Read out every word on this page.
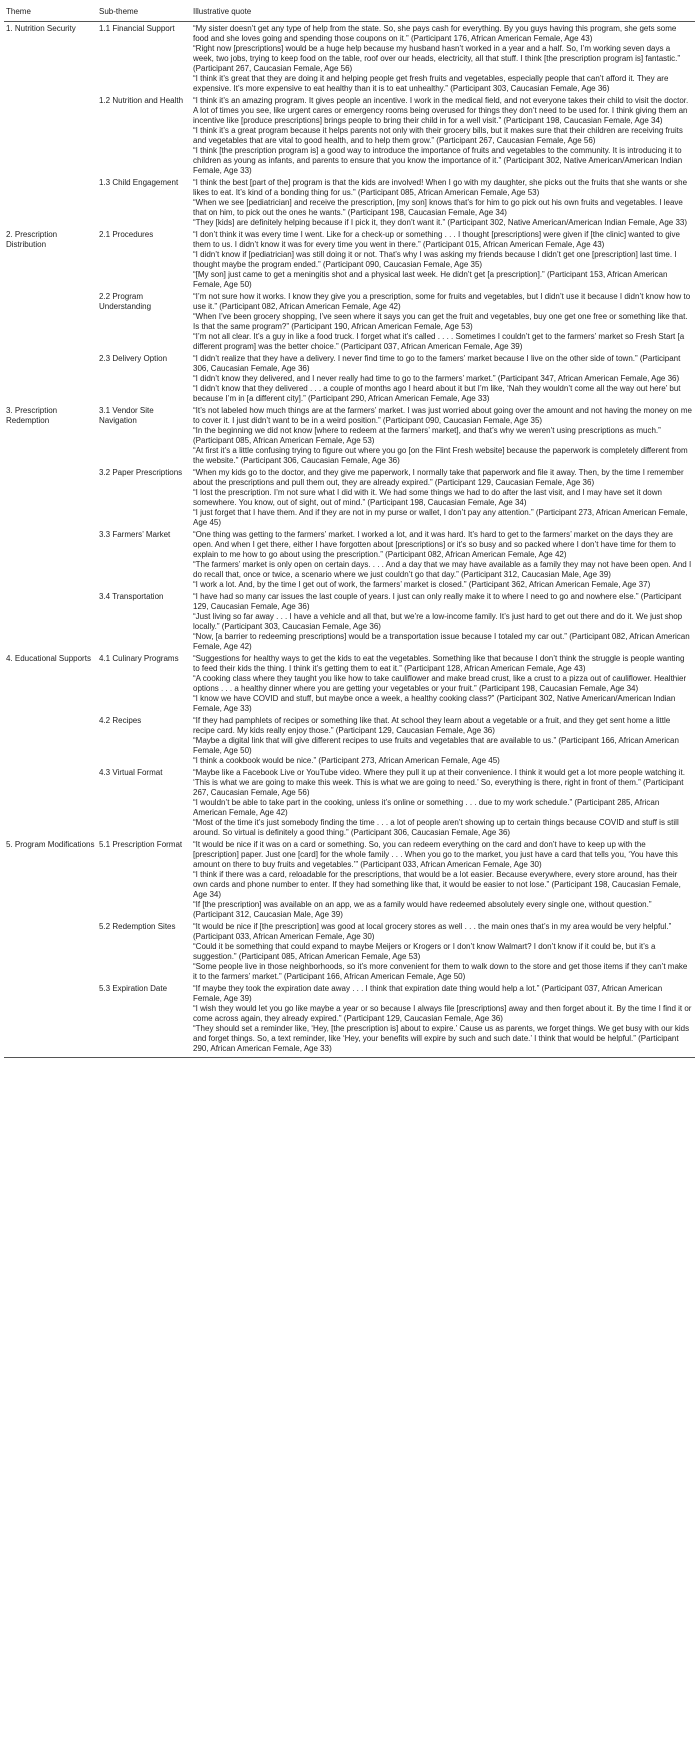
Theme	Sub-theme	Illustrative quote
1. Nutrition Security	1.1 Financial Support	“My sister doesn’t get any type of help from the state. So, she pays cash for everything. By you guys having this program, she gets some food and she loves going and spending those coupons on it.” (Participant 176, African American Female, Age 43)
“Right now [prescriptions] would be a huge help because my husband hasn’t worked in a year and a half. So, I’m working seven days a week, two jobs, trying to keep food on the table, roof over our heads, electricity, all that stuff. I think [the prescription program is] fantastic.” (Participant 267, Caucasian Female, Age 56)
“I think it’s great that they are doing it and helping people get fresh fruits and vegetables, especially people that can’t afford it. They are expensive. It’s more expensive to eat healthy than it is to eat unhealthy.” (Participant 303, Caucasian Female, Age 36)

	1.2 Nutrition and Health	“I think it’s an amazing program. It gives people an incentive. I work in the medical field, and not everyone takes their child to visit the doctor. A lot of times you see, like urgent cares or emergency rooms being overused for things they don’t need to be used for. I think giving them an incentive like [produce prescriptions] brings people to bring their child in for a well visit.” (Participant 198, Caucasian Female, Age 34)
“I think it’s a great program because it helps parents not only with their grocery bills, but it makes sure that their children are receiving fruits and vegetables that are vital to good health, and to help them grow.” (Participant 267, Caucasian Female, Age 56)
“I think [the prescription program is] a good way to introduce the importance of fruits and vegetables to the community. It is introducing it to children as young as infants, and parents to ensure that you know the importance of it.” (Participant 302, Native American/American Indian Female, Age 33)

	1.3 Child Engagement	“I think the best [part of the] program is that the kids are involved! When I go with my daughter, she picks out the fruits that she wants or she likes to eat. It’s kind of a bonding thing for us.” (Participant 085, African American Female, Age 53)
“When we see [pediatrician] and receive the prescription, [my son] knows that’s for him to go pick out his own fruits and vegetables. I leave that on him, to pick out the ones he wants.” (Participant 198, Caucasian Female, Age 34)
“They [kids] are definitely helping because if I pick it, they don’t want it.” (Participant 302, Native American/American Indian Female, Age 33)

2. Prescription Distribution	2.1 Procedures	“I don’t think it was every time I went. Like for a check-up or something . . . I thought [prescriptions] were given if [the clinic] wanted to give them to us. I didn’t know it was for every time you went in there.” (Participant 015, African American Female, Age 43)
“I didn’t know if [pediatrician] was still doing it or not. That’s why I was asking my friends because I didn’t get one [prescription] last time. I thought maybe the program ended.” (Participant 090, Caucasian Female, Age 35)
“[My son] just came to get a meningitis shot and a physical last week. He didn’t get [a prescription].” (Participant 153, African American Female, Age 50)

	2.2 Program Understanding	“I’m not sure how it works. I know they give you a prescription, some for fruits and vegetables, but I didn’t use it because I didn’t know how to use it.” (Participant 082, African American Female, Age 42)
“When I’ve been grocery shopping, I’ve seen where it says you can get the fruit and vegetables, buy one get one free or something like that. Is that the same program?” (Participant 190, African American Female, Age 53)
“I’m not all clear. It’s a guy in like a food truck. I forget what it’s called . . . . Sometimes I couldn’t get to the farmers’ market so Fresh Start [a different program] was the better choice.” (Participant 037, African American Female, Age 39)

	2.3 Delivery Option	“I didn’t realize that they have a delivery. I never find time to go to the famers’ market because I live on the other side of town.” (Participant 306, Caucasian Female, Age 36)
“I didn’t know they delivered, and I never really had time to go to the farmers’ market.” (Participant 347, African American Female, Age 36)
“I didn’t know that they delivered . . . a couple of months ago I heard about it but I’m like, ‘Nah they wouldn’t come all the way out here’ but because I’m in [a different city].” (Participant 290, African American Female, Age 33)

3. Prescription Redemption	3.1 Vendor Site Navigation	“It’s not labeled how much things are at the farmers’ market. I was just worried about going over the amount and not having the money on me to cover it. I just didn’t want to be in a weird position.” (Participant 090, Caucasian Female, Age 35)
“In the beginning we did not know [where to redeem at the farmers’ market], and that’s why we weren’t using prescriptions as much.” (Participant 085, African American Female, Age 53)
“At first it’s a little confusing trying to figure out where you go [on the Flint Fresh website] because the paperwork is completely different from the website.” (Participant 306, Caucasian Female, Age 36)

	3.2 Paper Prescriptions	“When my kids go to the doctor, and they give me paperwork, I normally take that paperwork and file it away. Then, by the time I remember about the prescriptions and pull them out, they are already expired.” (Participant 129, Caucasian Female, Age 36)
“I lost the prescription. I’m not sure what I did with it. We had some things we had to do after the last visit, and I may have set it down somewhere. You know, out of sight, out of mind.” (Participant 198, Caucasian Female, Age 34)
“I just forget that I have them. And if they are not in my purse or wallet, I don’t pay any attention.” (Participant 273, African American Female, Age 45)

	3.3 Farmers’ Market	“One thing was getting to the farmers’ market. I worked a lot, and it was hard. It’s hard to get to the farmers’ market on the days they are open. And when I get there, either I have forgotten about [prescriptions] or it’s so busy and so packed where I don’t have time for them to explain to me how to go about using the prescription.” (Participant 082, African American Female, Age 42)
“The farmers’ market is only open on certain days. . . . And a day that we may have available as a family they may not have been open. And I do recall that, once or twice, a scenario where we just couldn’t go that day.” (Participant 312, Caucasian Male, Age 39)
“I work a lot. And, by the time I get out of work, the farmers’ market is closed.” (Participant 362, African American Female, Age 37)

	3.4 Transportation	“I have had so many car issues the last couple of years. I just can only really make it to where I need to go and nowhere else.” (Participant 129, Caucasian Female, Age 36)
“Just living so far away . . . I have a vehicle and all that, but we’re a low-income family. It’s just hard to get out there and do it. We just shop locally.” (Participant 303, Caucasian Female, Age 36)
“Now, [a barrier to redeeming prescriptions] would be a transportation issue because I totaled my car out.” (Participant 082, African American Female, Age 42)

4. Educational Supports	4.1 Culinary Programs	“Suggestions for healthy ways to get the kids to eat the vegetables. Something like that because I don’t think the struggle is people wanting to feed their kids the thing. I think it’s getting them to eat it.” (Participant 128, African American Female, Age 43)
“A cooking class where they taught you like how to take cauliflower and make bread crust, like a crust to a pizza out of cauliflower. Healthier options . . . a healthy dinner where you are getting your vegetables or your fruit.” (Participant 198, Caucasian Female, Age 34)
“I know we have COVID and stuff, but maybe once a week, a healthy cooking class?” (Participant 302, Native American/American Indian Female, Age 33)

	4.2 Recipes	“If they had pamphlets of recipes or something like that. At school they learn about a vegetable or a fruit, and they get sent home a little recipe card. My kids really enjoy those.” (Participant 129, Caucasian Female, Age 36)
“Maybe a digital link that will give different recipes to use fruits and vegetables that are available to us.” (Participant 166, African American Female, Age 50)
“I think a cookbook would be nice.” (Participant 273, African American Female, Age 45)

	4.3 Virtual Format	“Maybe like a Facebook Live or YouTube video. Where they pull it up at their convenience. I think it would get a lot more people watching it. ‘This is what we are going to make this week. This is what we are going to need.’ So, everything is there, right in front of them.” (Participant 267, Caucasian Female, Age 56)
“I wouldn’t be able to take part in the cooking, unless it’s online or something . . . due to my work schedule.” (Participant 285, African American Female, Age 42)
“Most of the time it’s just somebody finding the time . . . a lot of people aren’t showing up to certain things because COVID and stuff is still around. So virtual is definitely a good thing.” (Participant 306, Caucasian Female, Age 36)

5. Program Modifications	5.1 Prescription Format	“It would be nice if it was on a card or something. So, you can redeem everything on the card and don’t have to keep up with the [prescription] paper. Just one [card] for the whole family . . . When you go to the market, you just have a card that tells you, ‘You have this amount on there to buy fruits and vegetables.’” (Participant 033, African American Female, Age 30)
“I think if there was a card, reloadable for the prescriptions, that would be a lot easier. Because everywhere, every store around, has their own cards and phone number to enter. If they had something like that, it would be easier to not lose.” (Participant 198, Caucasian Female, Age 34)
“If [the prescription] was available on an app, we as a family would have redeemed absolutely every single one, without question.” (Participant 312, Caucasian Male, Age 39)

	5.2 Redemption Sites	“It would be nice if [the prescription] was good at local grocery stores as well . . . the main ones that’s in my area would be very helpful.” (Participant 033, African American Female, Age 30)
“Could it be something that could expand to maybe Meijers or Krogers or I don’t know Walmart? I don’t know if it could be, but it’s a suggestion.” (Participant 085, African American Female, Age 53)
“Some people live in those neighborhoods, so it’s more convenient for them to walk down to the store and get those items if they can’t make it to the farmers’ market.” (Participant 166, African American Female, Age 50)

	5.3 Expiration Date	“If maybe they took the expiration date away . . . I think that expiration date thing would help a lot.” (Participant 037, African American Female, Age 39)
“I wish they would let you go like maybe a year or so because I always file [prescriptions] away and then forget about it. By the time I find it or come across again, they already expired.” (Participant 129, Caucasian Female, Age 36)
“They should set a reminder like, ‘Hey, [the prescription is] about to expire.’ Cause us as parents, we forget things. We get busy with our kids and forget things. So, a text reminder, like ‘Hey, your benefits will expire by such and such date.’ I think that would be helpful.” (Participant 290, African American Female, Age 33)
